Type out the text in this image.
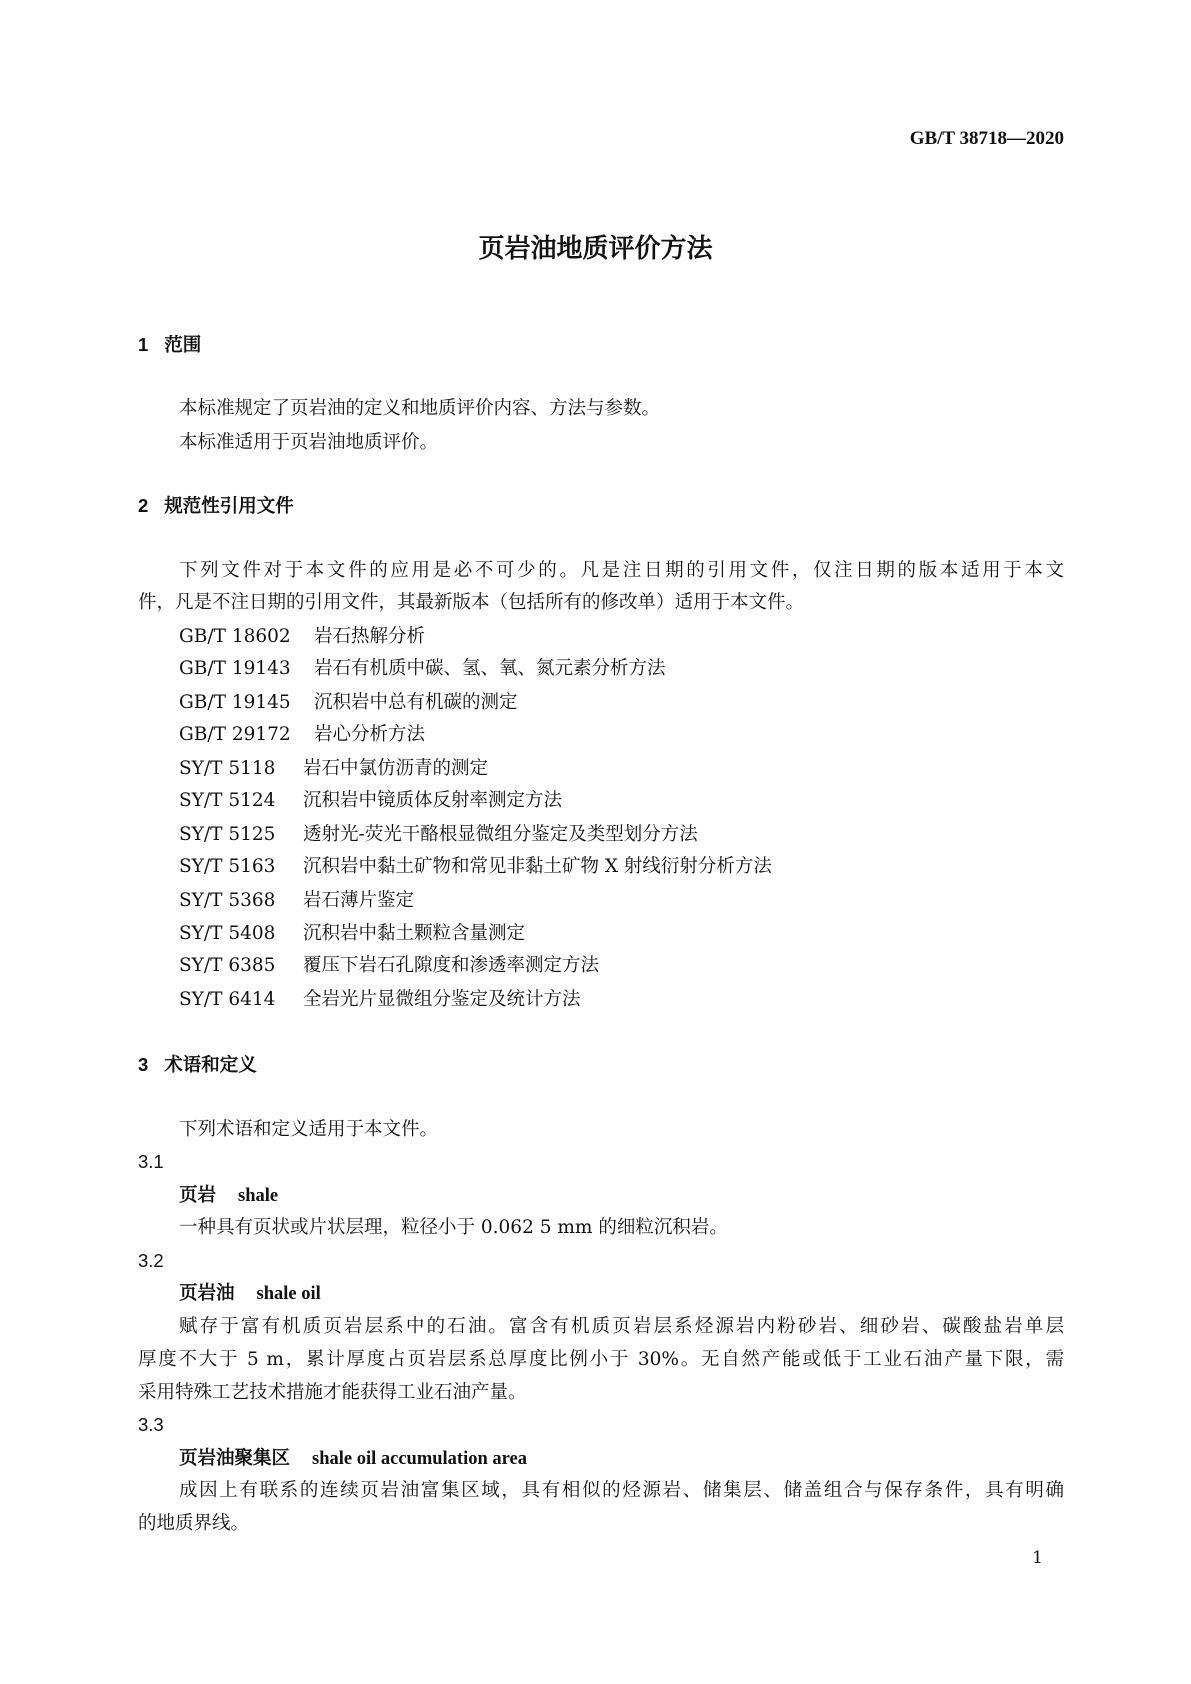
GB/T 38718—2020
页岩油地质评价方法
1 范围
本标准规定了页岩油的定义和地质评价内容、方法与参数。
本标准适用于页岩油地质评价。
2 规范性引用文件
下列文件对于本文件的应用是必不可少的。凡是注日期的引用文件，仅注日期的版本适用于本文
件，凡是不注日期的引用文件，其最新版本（包括所有的修改单）适用于本文件。
GB/T 18602 岩石热解分析
GB/T 19143 岩石有机质中碳、氢、氧、氮元素分析方法
GB/T 19145 沉积岩中总有机碳的测定
GB/T 29172 岩心分析方法
SY/T 5118 岩石中氯仿沥青的测定
SY/T 5124 沉积岩中镜质体反射率测定方法
SY/T 5125 透射光-荧光干酪根显微组分鉴定及类型划分方法
SY/T 5163 沉积岩中黏土矿物和常见非黏土矿物 X 射线衍射分析方法
SY/T 5368 岩石薄片鉴定
SY/T 5408 沉积岩中黏土颗粒含量测定
SY/T 6385 覆压下岩石孔隙度和渗透率测定方法
SY/T 6414 全岩光片显微组分鉴定及统计方法
3 术语和定义
下列术语和定义适用于本文件。
3.1
页岩 shale
一种具有页状或片状层理，粒径小于 0.062 5 mm 的细粒沉积岩。
3.2
页岩油 shale oil
赋存于富有机质页岩层系中的石油。富含有机质页岩层系烃源岩内粉砂岩、细砂岩、碳酸盐岩单层
厚度不大于 5 m，累计厚度占页岩层系总厚度比例小于 30%。无自然产能或低于工业石油产量下限，需
采用特殊工艺技术措施才能获得工业石油产量。
3.3
页岩油聚集区 shale oil accumulation area
成因上有联系的连续页岩油富集区域，具有相似的烃源岩、储集层、储盖组合与保存条件，具有明确
的地质界线。
1
